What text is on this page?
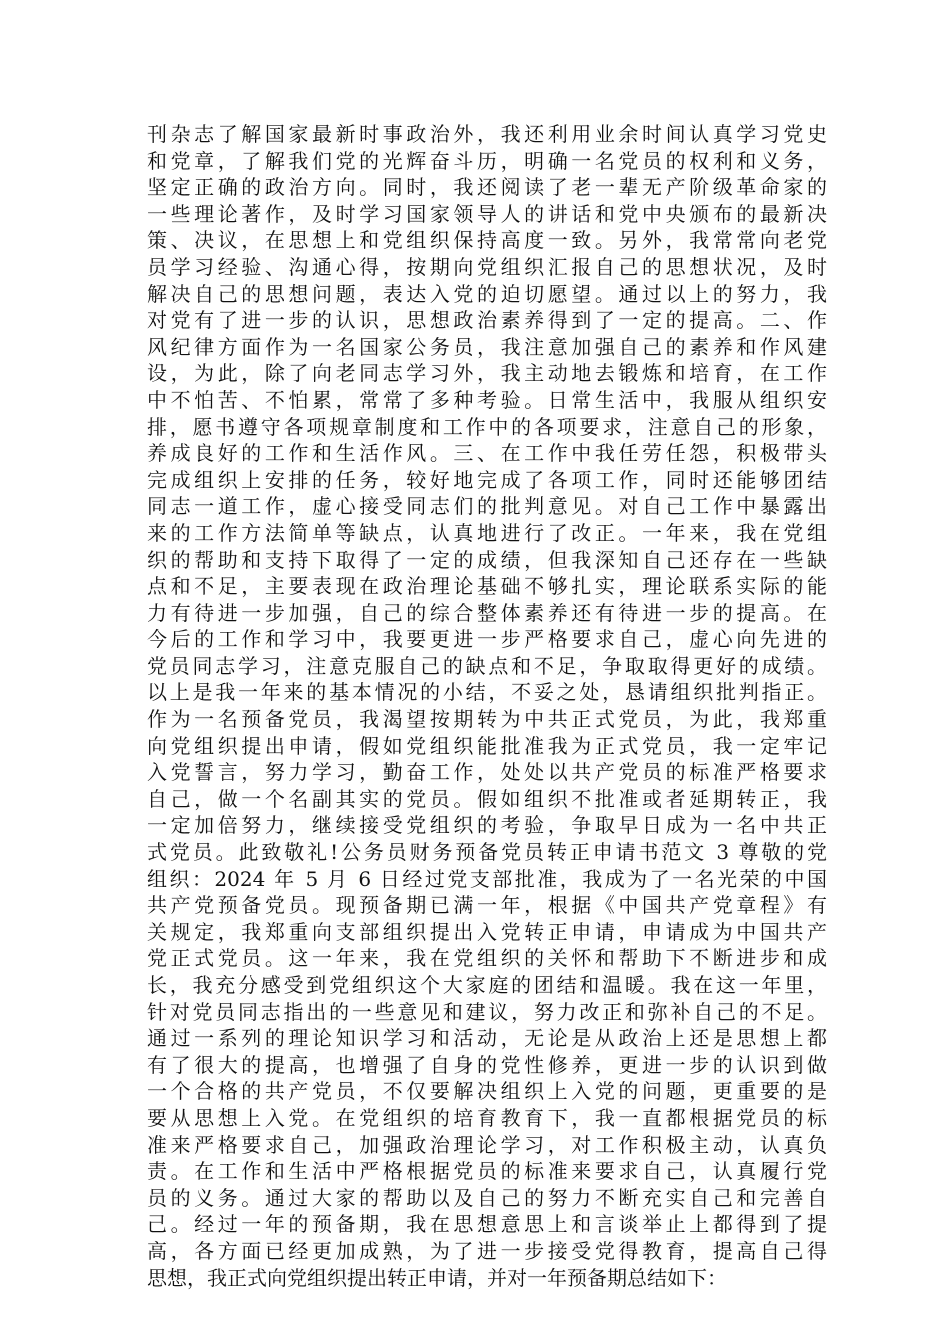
刊杂志了解国家最新时事政治外，我还利用业余时间认真学习党史
和党章，了解我们党的光辉奋斗历，明确一名党员的权利和义务，
坚定正确的政治方向。同时，我还阅读了老一辈无产阶级革命家的
一些理论著作，及时学习国家领导人的讲话和党中央颁布的最新决
策、决议，在思想上和党组织保持高度一致。另外，我常常向老党
员学习经验、沟通心得，按期向党组织汇报自己的思想状况，及时
解决自己的思想问题，表达入党的迫切愿望。通过以上的努力，我
对党有了进一步的认识，思想政治素养得到了一定的提高。二、作
风纪律方面作为一名国家公务员，我注意加强自己的素养和作风建
设，为此，除了向老同志学习外，我主动地去锻炼和培育，在工作
中不怕苦、不怕累，常常了多种考验。日常生活中，我服从组织安
排，愿书遵守各项规章制度和工作中的各项要求，注意自己的形象，
养成良好的工作和生活作风。三、在工作中我任劳任怨，积极带头
完成组织上安排的任务，较好地完成了各项工作，同时还能够团结
同志一道工作，虚心接受同志们的批判意见。对自己工作中暴露出
来的工作方法简单等缺点，认真地进行了改正。一年来，我在党组
织的帮助和支持下取得了一定的成绩，但我深知自己还存在一些缺
点和不足，主要表现在政治理论基础不够扎实，理论联系实际的能
力有待进一步加强，自己的综合整体素养还有待进一步的提高。在
今后的工作和学习中，我要更进一步严格要求自己，虚心向先进的
党员同志学习，注意克服自己的缺点和不足，争取取得更好的成绩。
以上是我一年来的基本情况的小结，不妥之处，恳请组织批判指正。
作为一名预备党员，我渴望按期转为中共正式党员，为此，我郑重
向党组织提出申请，假如党组织能批准我为正式党员，我一定牢记
入党誓言，努力学习，勤奋工作，处处以共产党员的标准严格要求
自己，做一个名副其实的党员。假如组织不批准或者延期转正，我
一定加倍努力，继续接受党组织的考验，争取早日成为一名中共正
式党员。此致敬礼!公务员财务预备党员转正申请书范文 3 尊敬的党
组织：2024 年 5 月 6 日经过党支部批准，我成为了一名光荣的中国
共产党预备党员。现预备期已满一年，根据《中国共产党章程》有
关规定，我郑重向支部组织提出入党转正申请，申请成为中国共产
党正式党员。这一年来，我在党组织的关怀和帮助下不断进步和成
长，我充分感受到党组织这个大家庭的团结和温暖。我在这一年里，
针对党员同志指出的一些意见和建议，努力改正和弥补自己的不足。
通过一系列的理论知识学习和活动，无论是从政治上还是思想上都
有了很大的提高，也增强了自身的党性修养，更进一步的认识到做
一个合格的共产党员，不仅要解决组织上入党的问题，更重要的是
要从思想上入党。在党组织的培育教育下，我一直都根据党员的标
准来严格要求自己，加强政治理论学习，对工作积极主动，认真负
责。在工作和生活中严格根据党员的标准来要求自己，认真履行党
员的义务。通过大家的帮助以及自己的努力不断充实自己和完善自
己。经过一年的预备期，我在思想意思上和言谈举止上都得到了提
高，各方面已经更加成熟，为了进一步接受党得教育，提高自己得
思想，我正式向党组织提出转正申请，并对一年预备期总结如下：
